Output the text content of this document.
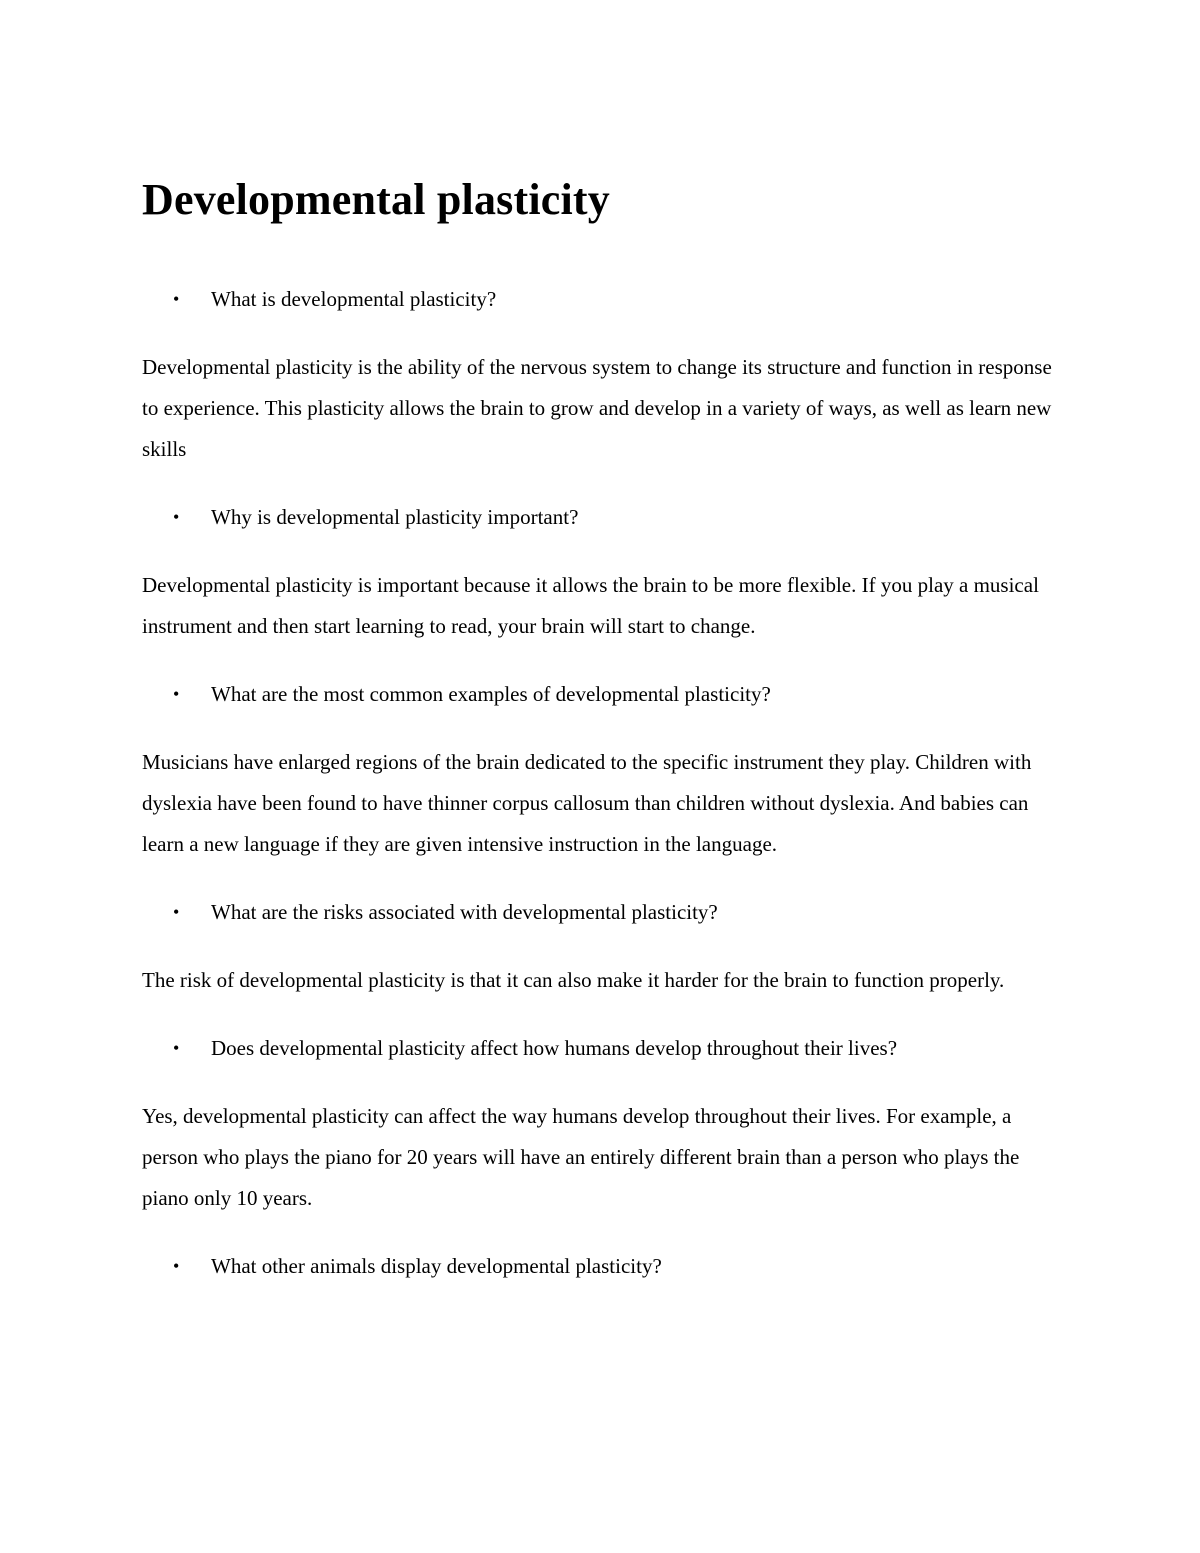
Developmental plasticity

• What is developmental plasticity?

Developmental plasticity is the ability of the nervous system to change its structure and function in response to experience. This plasticity allows the brain to grow and develop in a variety of ways, as well as learn new skills

• Why is developmental plasticity important?

Developmental plasticity is important because it allows the brain to be more flexible. If you play a musical instrument and then start learning to read, your brain will start to change.

• What are the most common examples of developmental plasticity?

Musicians have enlarged regions of the brain dedicated to the specific instrument they play. Children with dyslexia have been found to have thinner corpus callosum than children without dyslexia. And babies can learn a new language if they are given intensive instruction in the language.

• What are the risks associated with developmental plasticity?

The risk of developmental plasticity is that it can also make it harder for the brain to function properly.

• Does developmental plasticity affect how humans develop throughout their lives?

Yes, developmental plasticity can affect the way humans develop throughout their lives. For example, a person who plays the piano for 20 years will have an entirely different brain than a person who plays the piano only 10 years.

• What other animals display developmental plasticity?
